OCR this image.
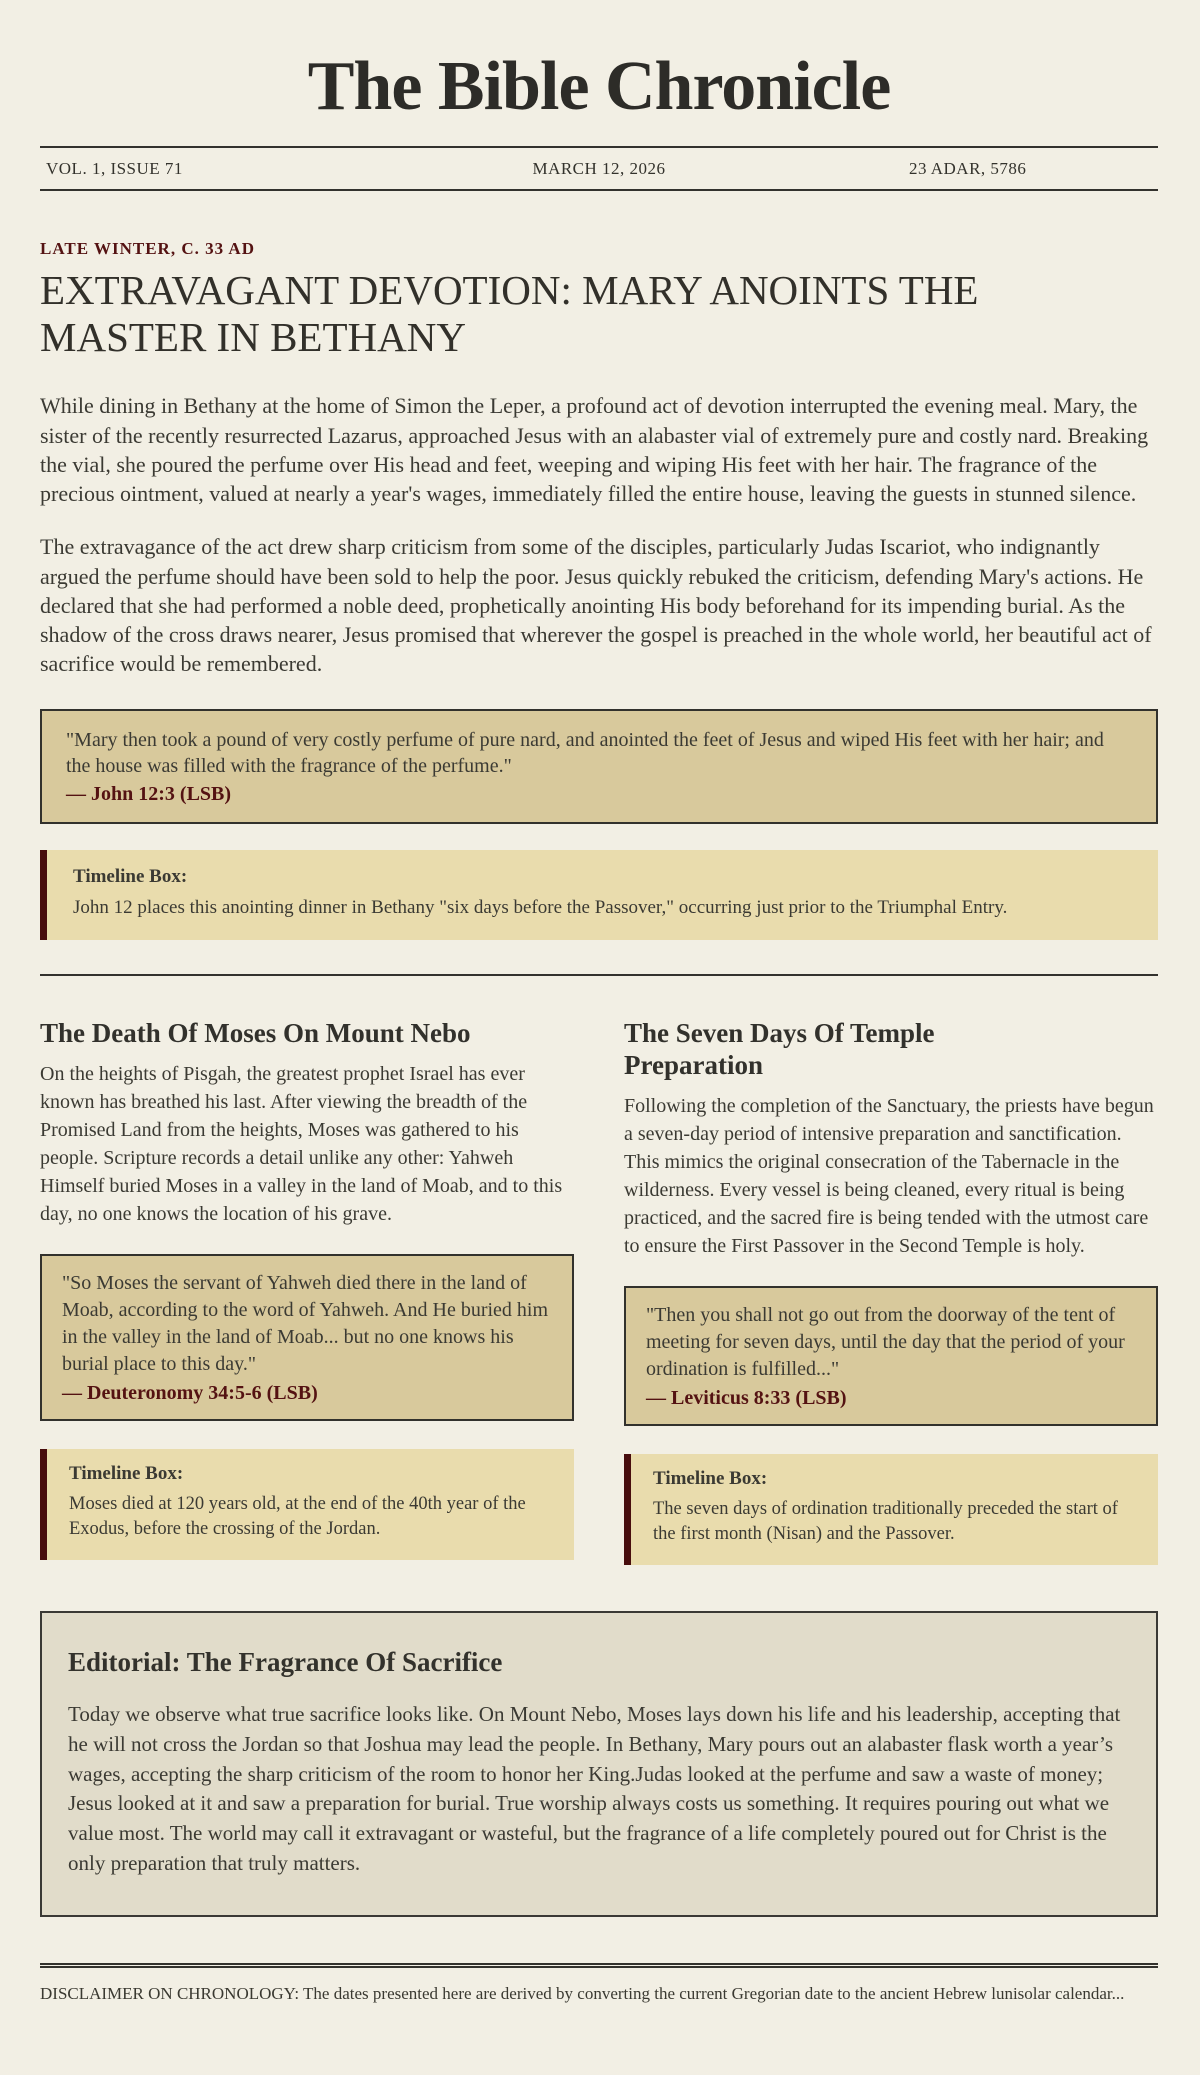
The Bible Chronicle
VOL. 1, ISSUE 71	MARCH 12, 2026	23 ADAR, 5786
LATE WINTER, C. 33 AD
EXTRAVAGANT DEVOTION: MARY ANOINTS THE MASTER IN BETHANY

While dining in Bethany at the home of Simon the Leper, a profound act of devotion interrupted the evening meal. Mary, the sister of the recently resurrected Lazarus, approached Jesus with an alabaster vial of extremely pure and costly nard. Breaking the vial, she poured the perfume over His head and feet, weeping and wiping His feet with her hair. The fragrance of the precious ointment, valued at nearly a year's wages, immediately filled the entire house, leaving the guests in stunned silence.

The extravagance of the act drew sharp criticism from some of the disciples, particularly Judas Iscariot, who indignantly argued the perfume should have been sold to help the poor. Jesus quickly rebuked the criticism, defending Mary's actions. He declared that she had performed a noble deed, prophetically anointing His body beforehand for its impending burial. As the shadow of the cross draws nearer, Jesus promised that wherever the gospel is preached in the whole world, her beautiful act of sacrifice would be remembered.

"Mary then took a pound of very costly perfume of pure nard, and anointed the feet of Jesus and wiped His feet with her hair; and the house was filled with the fragrance of the perfume."
— John 12:3 (LSB)
Timeline Box:
John 12 places this anointing dinner in Bethany "six days before the Passover," occurring just prior to the Triumphal Entry.
The Death Of Moses On Mount Nebo

On the heights of Pisgah, the greatest prophet Israel has ever known has breathed his last. After viewing the breadth of the Promised Land from the heights, Moses was gathered to his people. Scripture records a detail unlike any other: Yahweh Himself buried Moses in a valley in the land of Moab, and to this day, no one knows the location of his grave.

"So Moses the servant of Yahweh died there in the land of Moab, according to the word of Yahweh. And He buried him in the valley in the land of Moab... but no one knows his burial place to this day."
— Deuteronomy 34:5-6 (LSB)
Timeline Box:
Moses died at 120 years old, at the end of the 40th year of the Exodus, before the crossing of the Jordan.
The Seven Days Of Temple Preparation

Following the completion of the Sanctuary, the priests have begun a seven-day period of intensive preparation and sanctification. This mimics the original consecration of the Tabernacle in the wilderness. Every vessel is being cleaned, every ritual is being practiced, and the sacred fire is being tended with the utmost care to ensure the First Passover in the Second Temple is holy.

"Then you shall not go out from the doorway of the tent of meeting for seven days, until the day that the period of your ordination is fulfilled..."
— Leviticus 8:33 (LSB)
Timeline Box:
The seven days of ordination traditionally preceded the start of the first month (Nisan) and the Passover.
Editorial: The Fragrance Of Sacrifice

Today we observe what true sacrifice looks like. On Mount Nebo, Moses lays down his life and his leadership, accepting that he will not cross the Jordan so that Joshua may lead the people. In Bethany, Mary pours out an alabaster flask worth a year’s wages, accepting the sharp criticism of the room to honor her King.Judas looked at the perfume and saw a waste of money; Jesus looked at it and saw a preparation for burial. True worship always costs us something. It requires pouring out what we value most. The world may call it extravagant or wasteful, but the fragrance of a life completely poured out for Christ is the only preparation that truly matters.

DISCLAIMER ON CHRONOLOGY: The dates presented here are derived by converting the current Gregorian date to the ancient Hebrew lunisolar calendar...
